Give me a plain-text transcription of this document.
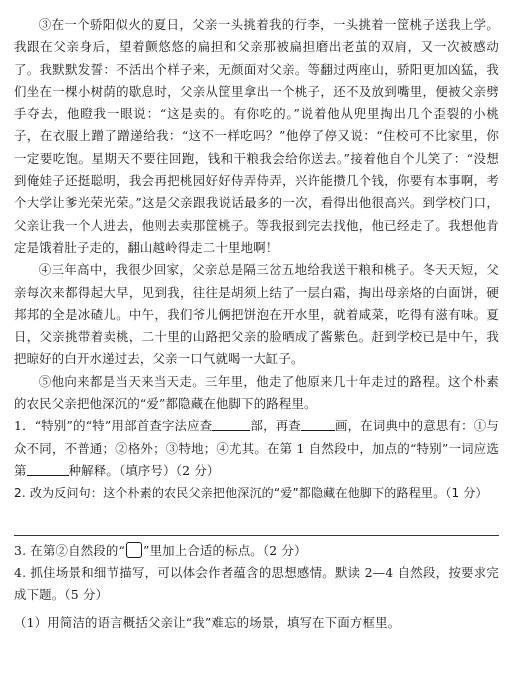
③在一个骄阳似火的夏日，父亲一头挑着我的行李，一头挑着一筐桃子送我上学。我跟在父亲身后，望着颤悠悠的扁担和父亲那被扁担磨出老茧的双肩，又一次被感动了。我默默发誓：不活出个样子来，无颜面对父亲。等翻过两座山，骄阳更加凶猛，我们坐在一棵小树荫的歇息时，父亲从筐里拿出一个桃子，还不及放到嘴里，便被父亲劈手夺去，他瞪我一眼说：“这是卖的。有你吃的。”说着他从兜里掏出几个歪裂的小桃子，在衣服上蹭了蹭递给我：“这不一样吃吗？”他停了停又说：“住校可不比家里，你一定要吃饱。星期天不要往回跑，钱和干粮我会给你送去。”接着他自个儿笑了：“没想到俺娃子还挺聪明，我会再把桃园好好侍弄侍弄，兴许能攒几个钱，你要有本事啊，考个大学让爹光荣光荣。”这是父亲跟我说话最多的一次，看得出他很高兴。到学校门口，父亲让我一个人进去，他则去卖那筐桃子。等我报到完去找他，他已经走了。我想他肯定是饿着肚子走的，翻山越岭得走二十里地啊！

④三年高中，我很少回家，父亲总是隔三岔五地给我送干粮和桃子。冬天天短，父亲每次来都得起大早，见到我，往往是胡须上结了一层白霜，掏出母亲烙的白面饼，硬邦邦的全是冰碴儿。中午，我们爷儿俩把饼泡在开水里，就着咸菜，吃得有滋有味。夏日，父亲挑带着卖桃，二十里的山路把父亲的脸晒成了酱紫色。赶到学校已是中午，我把晾好的白开水递过去，父亲一口气就喝一大缸子。

⑤他向来都是当天来当天走。三年里，他走了他原来几十年走过的路程。这个朴素的农民父亲把他深沉的“爱”都隐藏在他脚下的路程里。

1．“特别”的“特”用部首查字法应查	部，再查	画，在词典中的意思有：①与众不同，不普通；②格外；③特地；④尤其。在第 1 自然段中，加点的“特别”一词应选第	种解释。（填序号）（2 分）

2. 改为反问句：这个朴素的农民父亲把他深沉的“爱”都隐藏在他脚下的路程里。（1 分）

3. 在第②自然段的“ ”里加上合适的标点。（2 分）

4. 抓住场景和细节描写，可以体会作者蕴含的思想感情。默读 2—4 自然段，按要求完成下题。（5 分）

（1）用简洁的语言概括父亲让“我”难忘的场景，填写在下面方框里。
